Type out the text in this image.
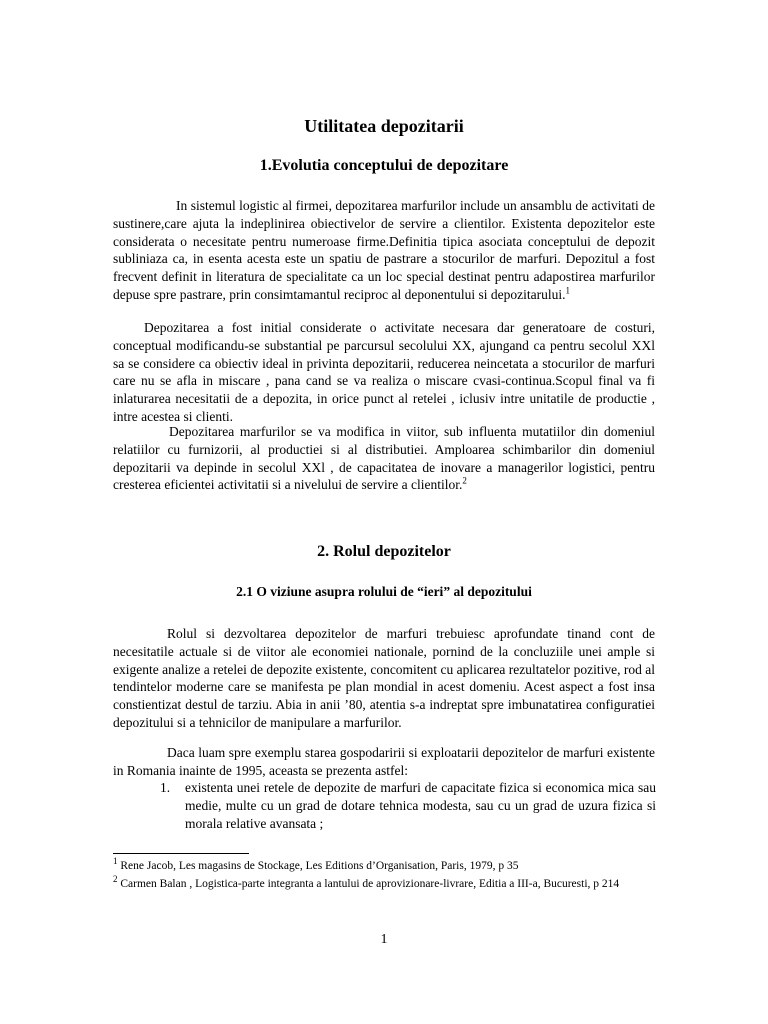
Utilitatea depozitarii
1.Evolutia conceptului de depozitare

In sistemul logistic al firmei, depozitarea marfurilor include un ansamblu de activitati de sustinere,care ajuta la indeplinirea obiectivelor de servire a clientilor. Existenta depozitelor este considerata o necesitate pentru numeroase firme.Definitia tipica asociata conceptului de depozit subliniaza ca, in esenta acesta este un spatiu de pastrare a stocurilor de marfuri. Depozitul a fost frecvent definit in literatura de specialitate ca un loc special destinat pentru adapostirea marfurilor depuse spre pastrare, prin consimtamantul reciproc al deponentului si depozitarului.$^1$

Depozitarea a fost initial considerate o activitate necesara dar generatoare de costuri, conceptual modificandu-se substantial pe parcursul secolului XX, ajungand ca pentru secolul XXl sa se considere ca obiectiv ideal in privinta depozitarii, reducerea neincetata a stocurilor de marfuri care nu se afla in miscare , pana cand se va realiza o miscare cvasi-continua.Scopul final va fi inlaturarea necesitatii de a depozita, in orice punct al retelei , iclusiv intre unitatile de productie , intre acestea si clienti.

Depozitarea marfurilor se va modifica in viitor, sub influenta mutatiilor din domeniul relatiilor cu furnizorii, al productiei si al distributiei. Amploarea schimbarilor din domeniul depozitarii va depinde in secolul XXl , de capacitatea de inovare a managerilor logistici, pentru cresterea eficientei activitatii si a nivelului de servire a clientilor.$^2$

2. Rolul depozitelor
2.1 O viziune asupra rolului de “ieri” al depozitului

Rolul si dezvoltarea depozitelor de marfuri trebuiesc aprofundate tinand cont de necesitatile actuale si de viitor ale economiei nationale, pornind de la concluziile unei ample si exigente analize a retelei de depozite existente, concomitent cu aplicarea rezultatelor pozitive, rod al tendintelor moderne care se manifesta pe plan mondial in acest domeniu. Acest aspect a fost insa constientizat destul de tarziu. Abia in anii ’80, atentia s-a indreptat spre imbunatatirea configuratiei depozitului si a tehnicilor de manipulare a marfurilor.

Daca luam spre exemplu starea gospodaririi si exploatarii depozitelor de marfuri existente in Romania inainte de 1995, aceasta se prezenta astfel:

1. existenta unei retele de depozite de marfuri de capacitate fizica si economica mica sau medie, multe cu un grad de dotare tehnica modesta, sau cu un grad de uzura fizica si morala relative avansata ;

$^1$ Rene Jacob, Les magasins de Stockage, Les Editions d’Organisation, Paris, 1979, p 35

$^2$ Carmen Balan , Logistica-parte integranta a lantului de aprovizionare-livrare, Editia a III-a, Bucuresti, p 214

1
